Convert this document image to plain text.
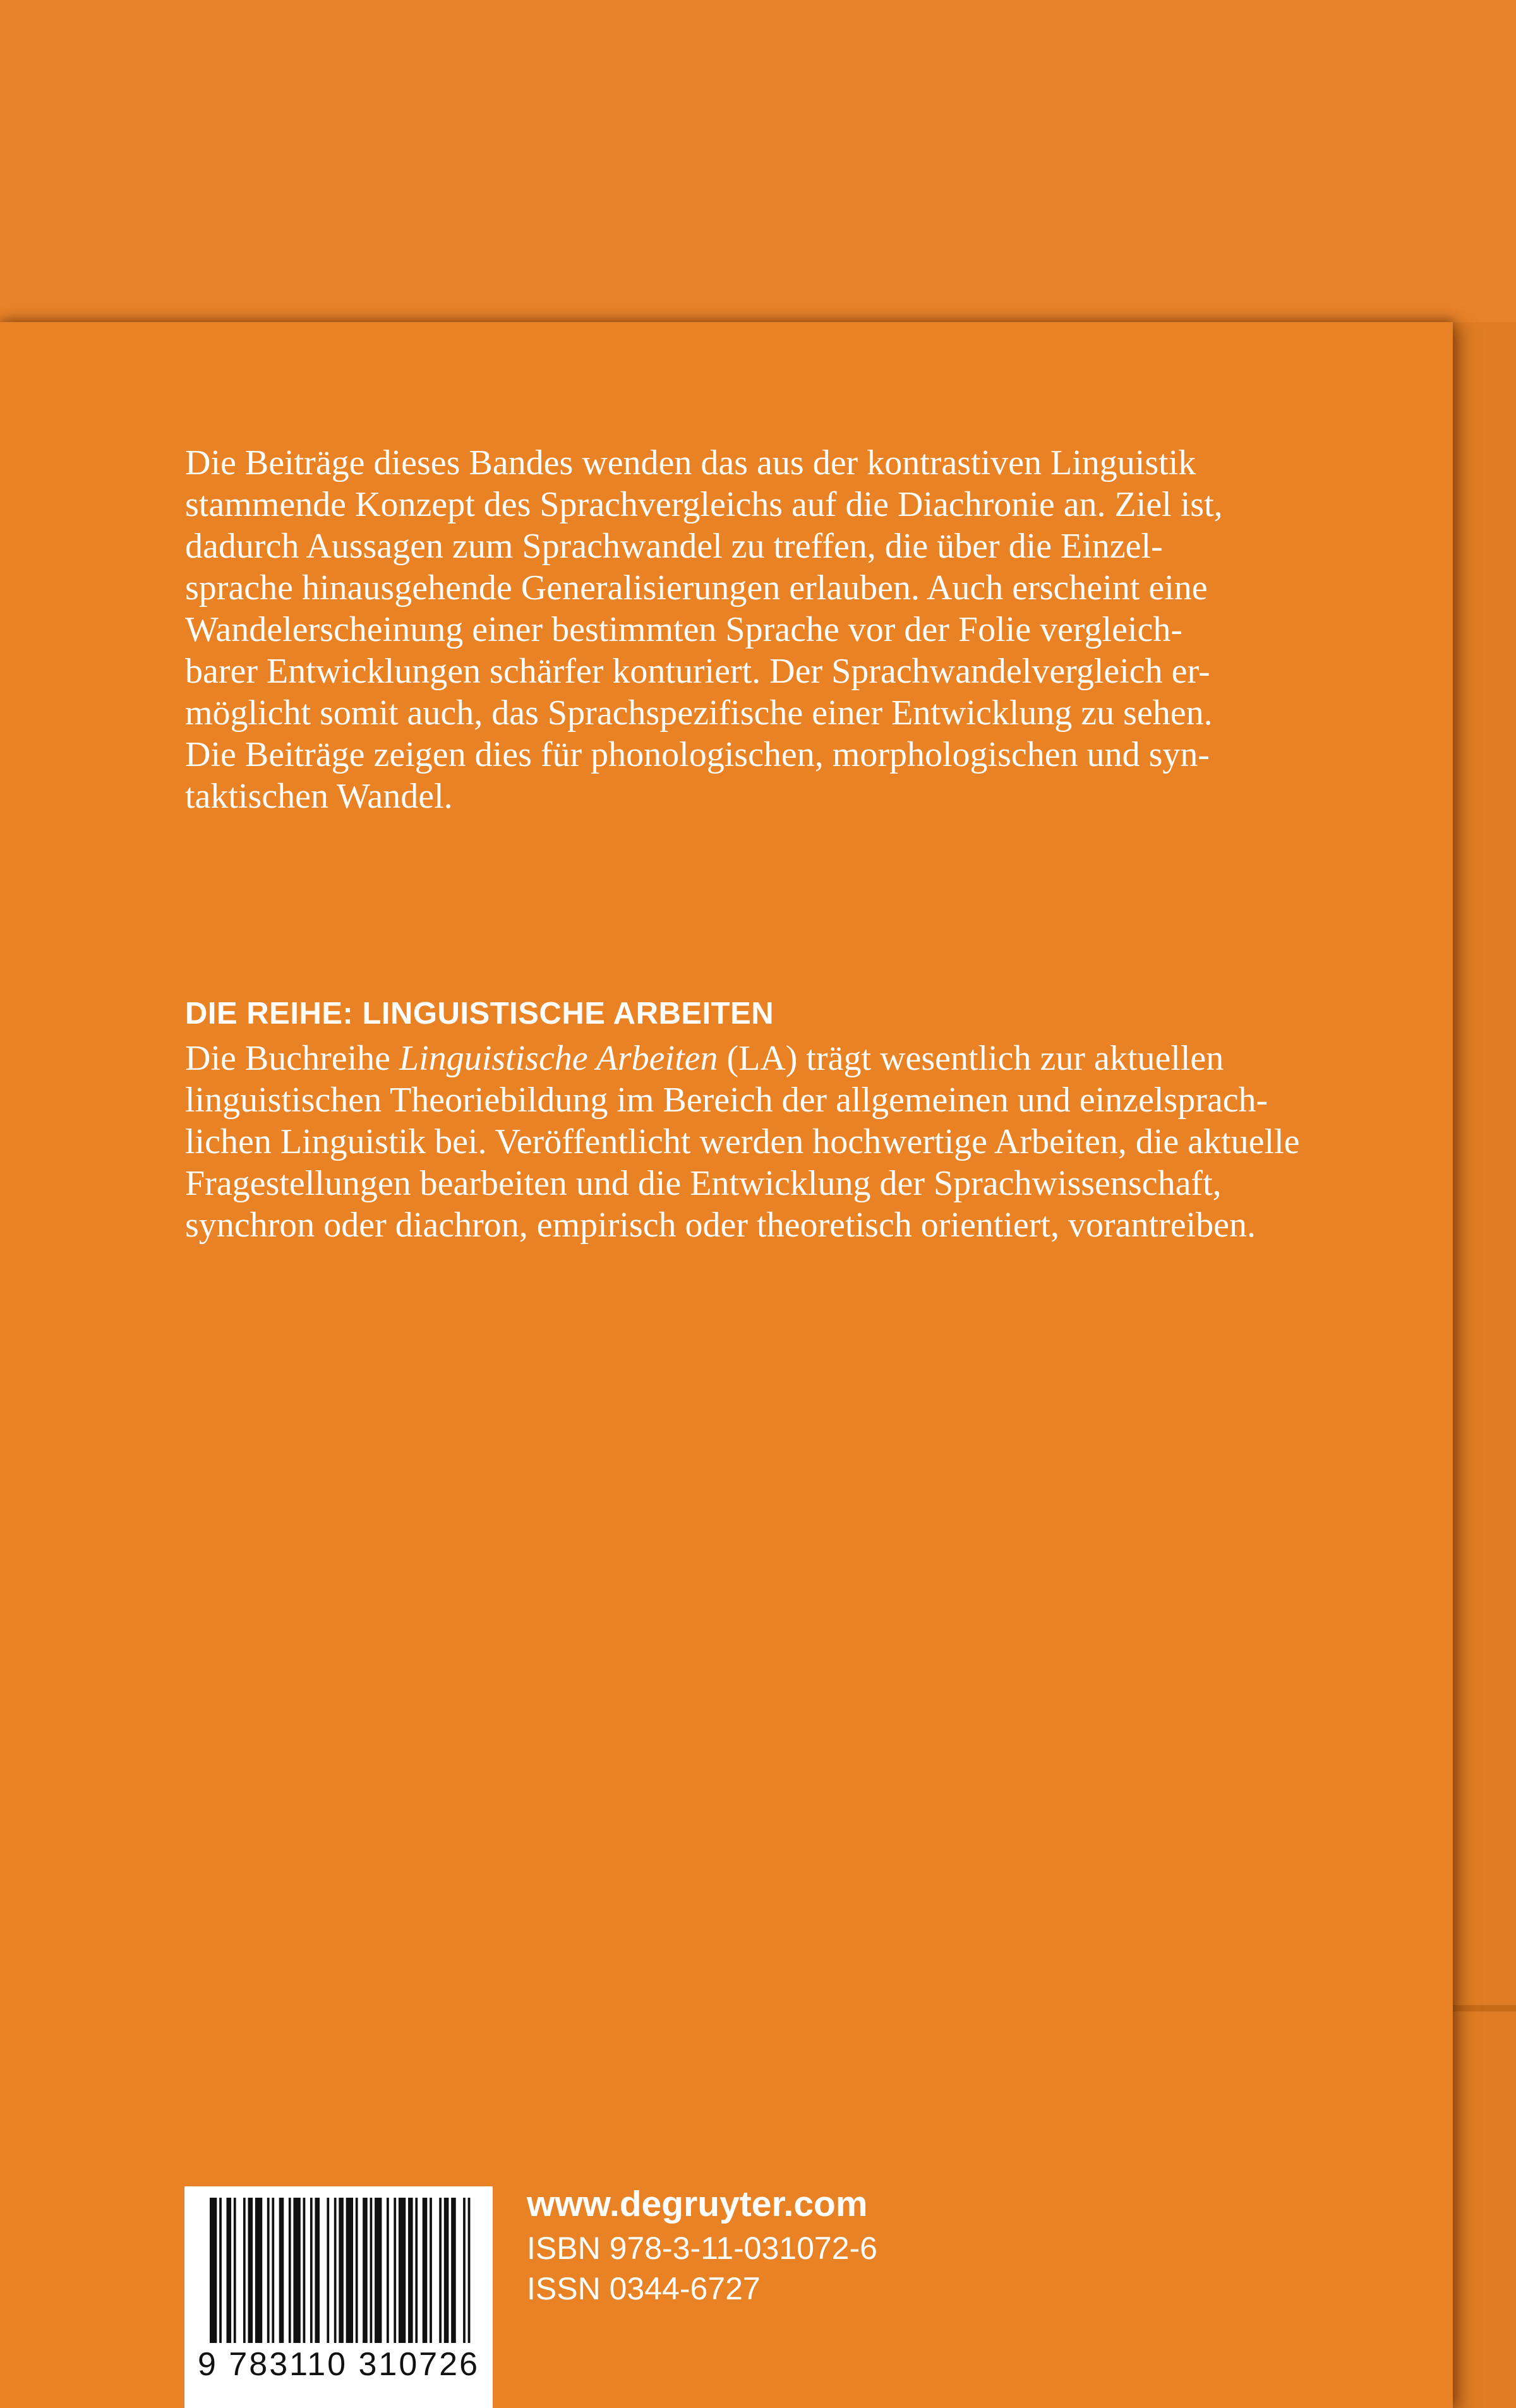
Die Beiträge dieses Bandes wenden das aus der kontrastiven Linguistik
stammende Konzept des Sprachvergleichs auf die Diachronie an. Ziel ist,
dadurch Aussagen zum Sprachwandel zu treffen, die über die Einzel-
sprache hinausgehende Generalisierungen erlauben. Auch erscheint eine
Wandelerscheinung einer bestimmten Sprache vor der Folie vergleich-
barer Entwicklungen schärfer konturiert. Der Sprachwandelvergleich er-
möglicht somit auch, das Sprachspezifische einer Entwicklung zu sehen.
Die Beiträge zeigen dies für phonologischen, morphologischen und syn-
taktischen Wandel.

DIE REIHE: LINGUISTISCHE ARBEITEN

Die Buchreihe Linguistische Arbeiten (LA) trägt wesentlich zur aktuellen
linguistischen Theoriebildung im Bereich der allgemeinen und einzelsprach-
lichen Linguistik bei. Veröffentlicht werden hochwertige Arbeiten, die aktuelle
Fragestellungen bearbeiten und die Entwicklung der Sprachwissenschaft,
synchron oder diachron, empirisch oder theoretisch orientiert, vorantreiben.

9 783110 310726

www.degruyter.com
ISBN 978-3-11-031072-6
ISSN 0344-6727
